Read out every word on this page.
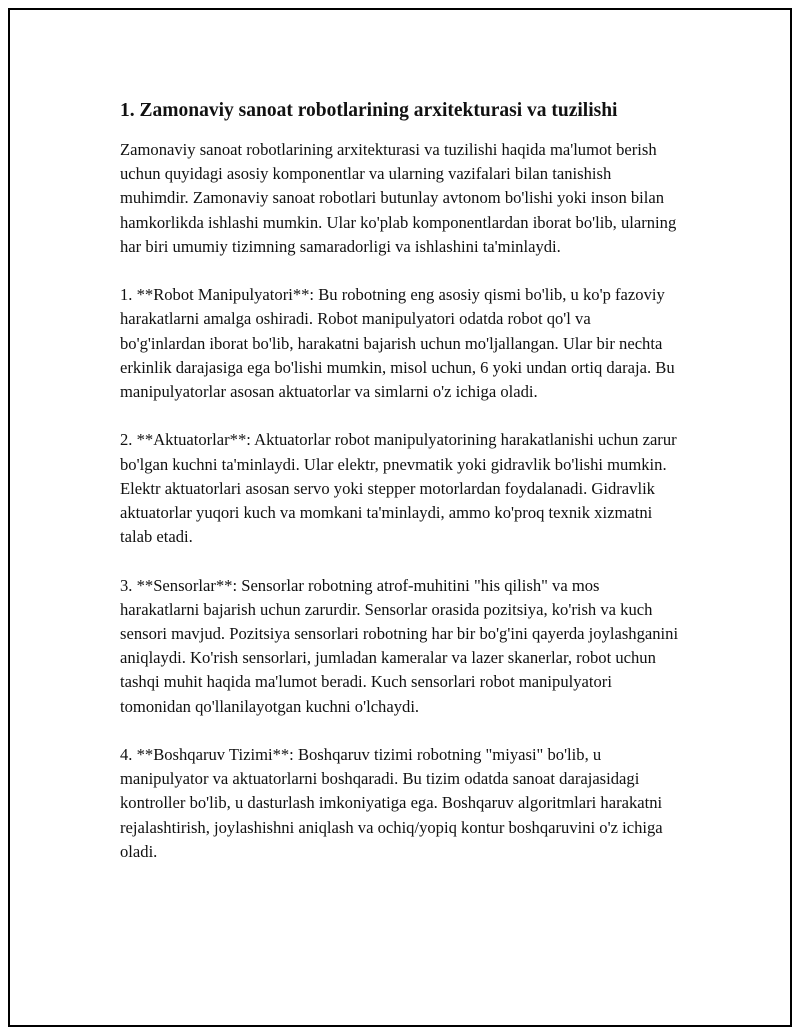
1. Zamonaviy sanoat robotlarining arxitekturasi va tuzilishi

Zamonaviy sanoat robotlarining arxitekturasi va tuzilishi haqida ma'lumot berish uchun quyidagi asosiy komponentlar va ularning vazifalari bilan tanishish muhimdir. Zamonaviy sanoat robotlari butunlay avtonom bo'lishi yoki inson bilan hamkorlikda ishlashi mumkin. Ular ko'plab komponentlardan iborat bo'lib, ularning har biri umumiy tizimning samaradorligi va ishlashini ta'minlaydi.

1. **Robot Manipulyatori**: Bu robotning eng asosiy qismi bo'lib, u ko'p fazoviy harakatlarni amalga oshiradi. Robot manipulyatori odatda robot qo'l va bo'g'inlardan iborat bo'lib, harakatni bajarish uchun mo'ljallangan. Ular bir nechta erkinlik darajasiga ega bo'lishi mumkin, misol uchun, 6 yoki undan ortiq daraja. Bu manipulyatorlar asosan aktuatorlar va simlarni o'z ichiga oladi.

2. **Aktuatorlar**: Aktuatorlar robot manipulyatorining harakatlanishi uchun zarur bo'lgan kuchni ta'minlaydi. Ular elektr, pnevmatik yoki gidravlik bo'lishi mumkin. Elektr aktuatorlari asosan servo yoki stepper motorlardan foydalanadi. Gidravlik aktuatorlar yuqori kuch va momkani ta'minlaydi, ammo ko'proq texnik xizmatni talab etadi.

3. **Sensorlar**: Sensorlar robotning atrof-muhitini "his qilish" va mos harakatlarni bajarish uchun zarurdir. Sensorlar orasida pozitsiya, ko'rish va kuch sensori mavjud. Pozitsiya sensorlari robotning har bir bo'g'ini qayerda joylashganini aniqlaydi. Ko'rish sensorlari, jumladan kameralar va lazer skanerlar, robot uchun tashqi muhit haqida ma'lumot beradi. Kuch sensorlari robot manipulyatori tomonidan qo'llanilayotgan kuchni o'lchaydi.

4. **Boshqaruv Tizimi**: Boshqaruv tizimi robotning "miyasi" bo'lib, u manipulyator va aktuatorlarni boshqaradi. Bu tizim odatda sanoat darajasidagi kontroller bo'lib, u dasturlash imkoniyatiga ega. Boshqaruv algoritmlari harakatni rejalashtirish, joylashishni aniqlash va ochiq/yopiq kontur boshqaruvini o'z ichiga oladi.
